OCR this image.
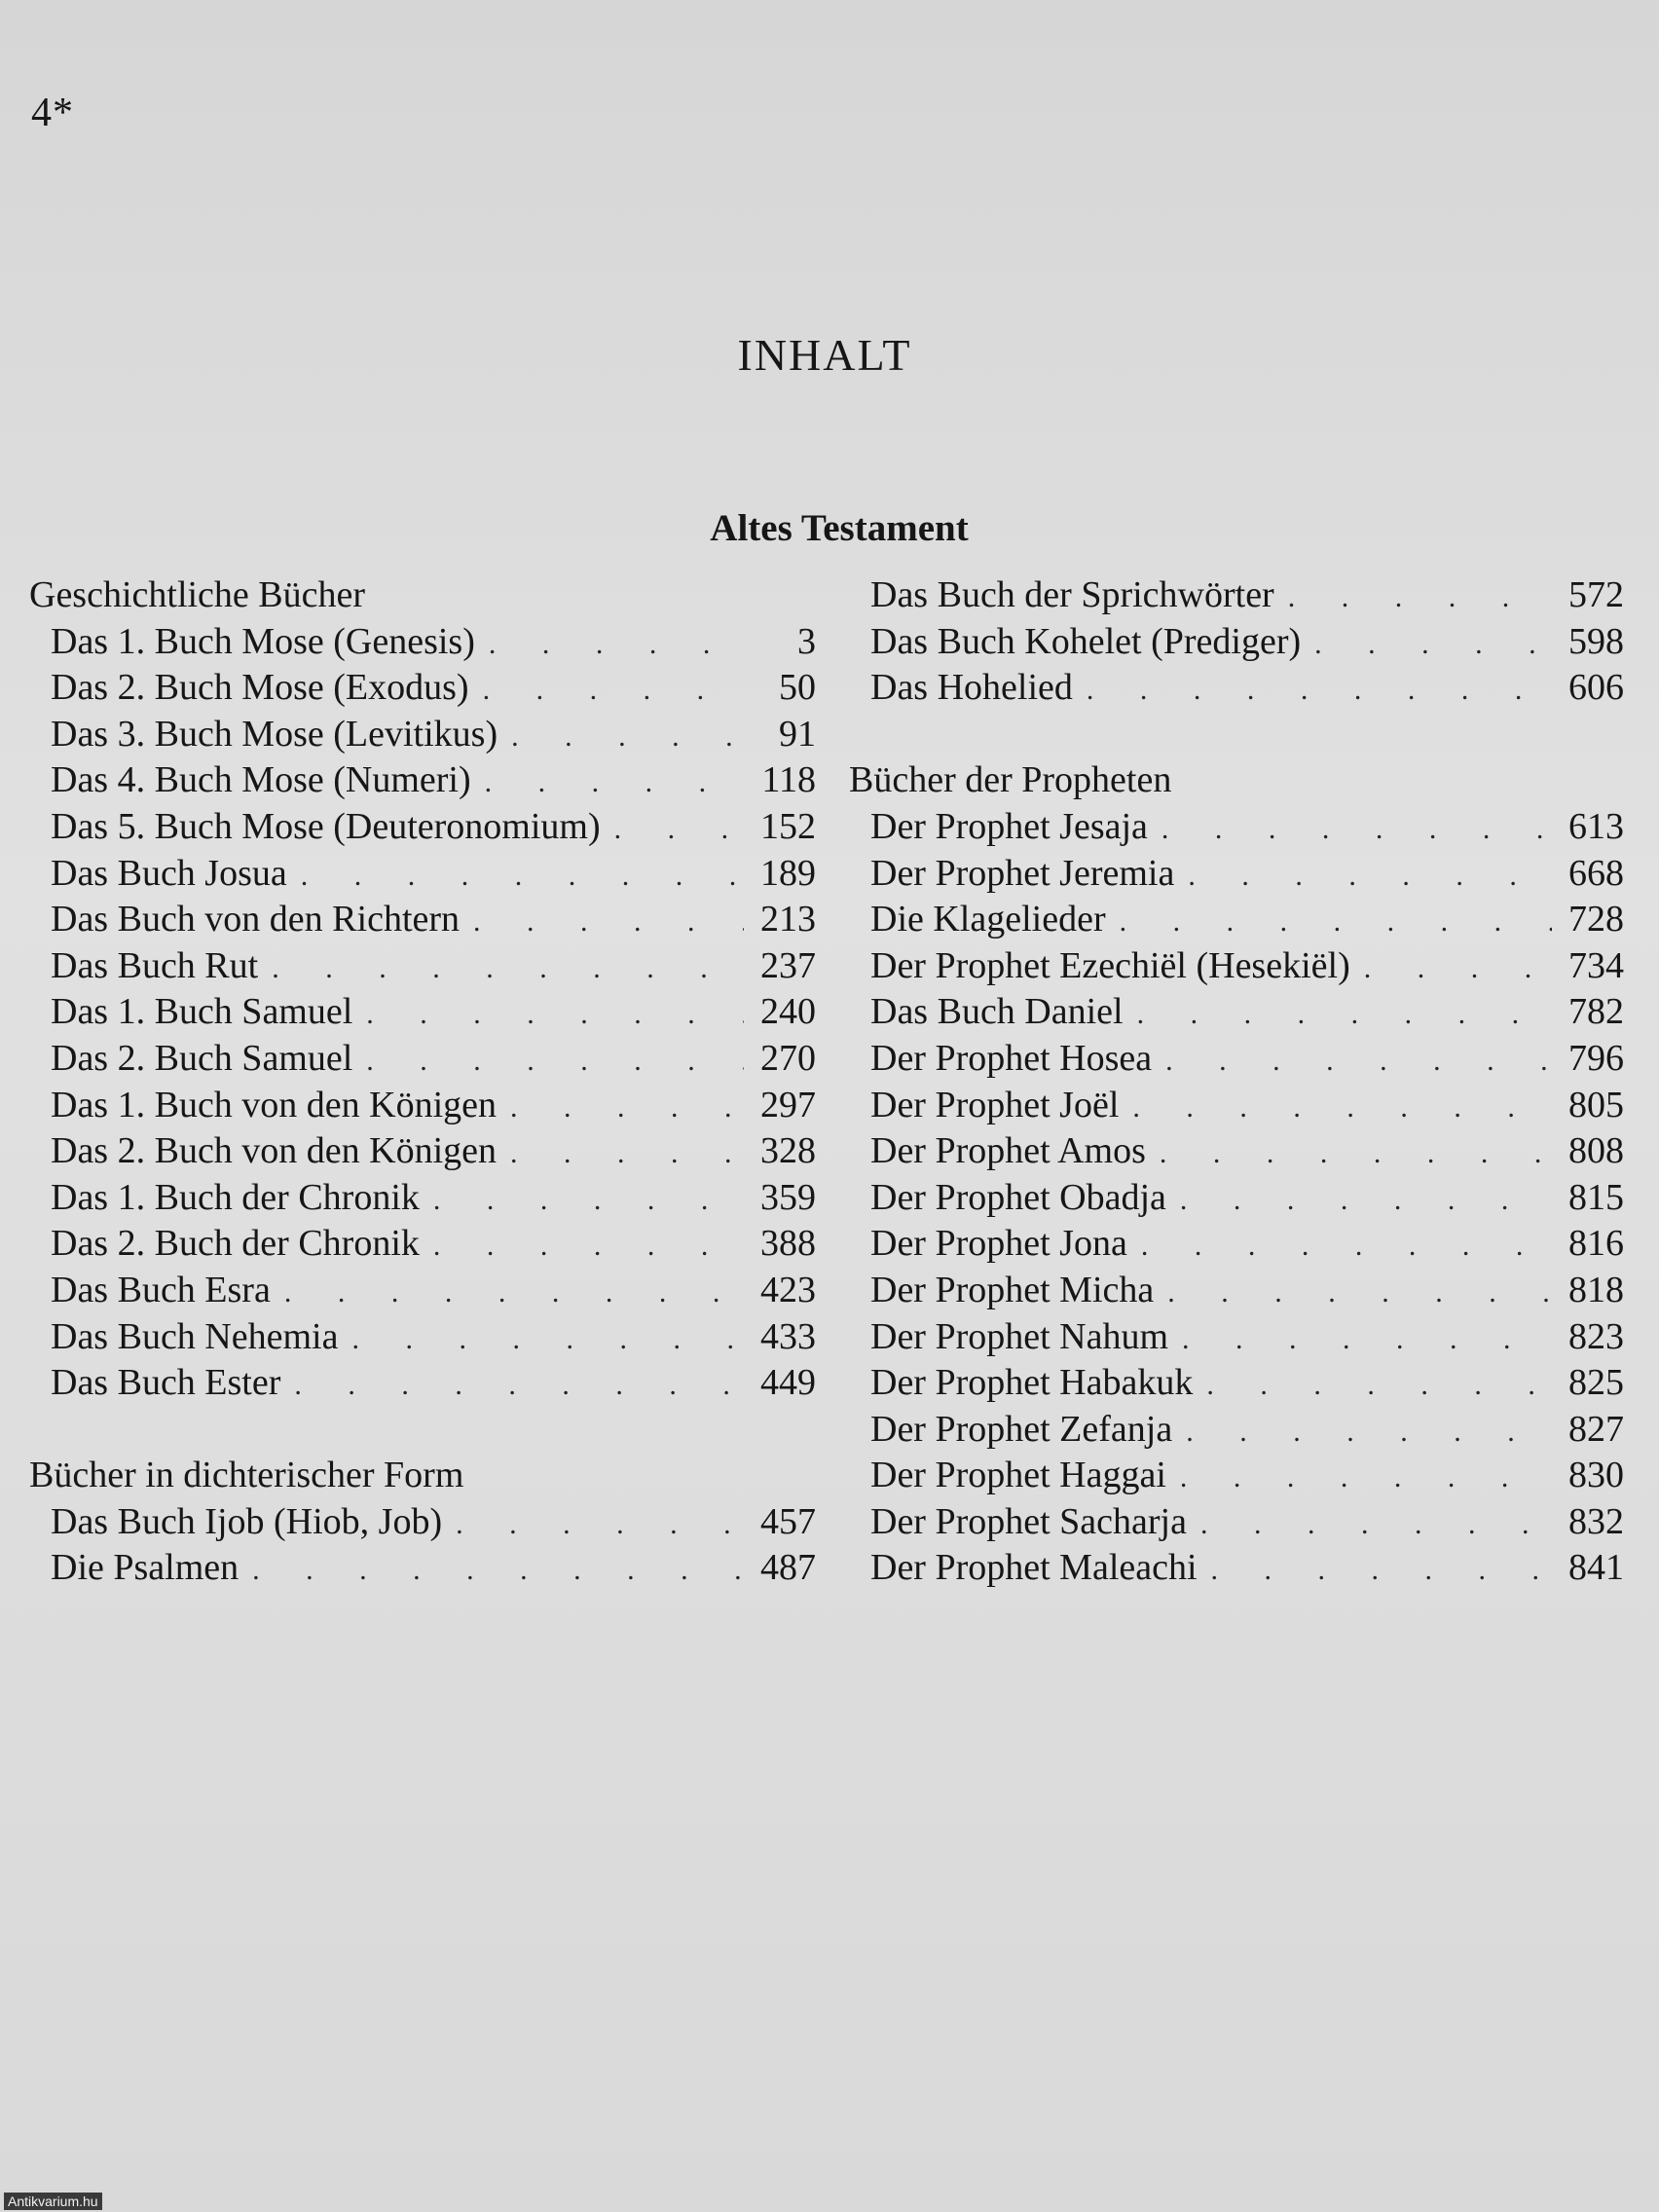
4*
INHALT
Altes Testament
Geschichtliche Bücher
Das 1. Buch Mose (Genesis) . . .	3
Das 2. Buch Mose (Exodus) . . .	50
Das 3. Buch Mose (Levitikus) . . .	91
Das 4. Buch Mose (Numeri) . . .	118
Das 5. Buch Mose (Deuteronomium) . . .	152
Das Buch Josua . . .	189
Das Buch von den Richtern . . .	213
Das Buch Rut . . .	237
Das 1. Buch Samuel . . .	240
Das 2. Buch Samuel . . .	270
Das 1. Buch von den Königen . . .	297
Das 2. Buch von den Königen . . .	328
Das 1. Buch der Chronik . . .	359
Das 2. Buch der Chronik . . .	388
Das Buch Esra . . .	423
Das Buch Nehemia . . .	433
Das Buch Ester . . .	449
Bücher in dichterischer Form
Das Buch Ijob (Hiob, Job) . . .	457
Die Psalmen . . .	487
Das Buch der Sprichwörter . . .	572
Das Buch Kohelet (Prediger) . . .	598
Das Hohelied . . .	606
Bücher der Propheten
Der Prophet Jesaja . . .	613
Der Prophet Jeremia . . .	668
Die Klagelieder . . .	728
Der Prophet Ezechiël (Hesekiël) . . .	734
Das Buch Daniel . . .	782
Der Prophet Hosea . . .	796
Der Prophet Joël . . .	805
Der Prophet Amos . . .	808
Der Prophet Obadja . . .	815
Der Prophet Jona . . .	816
Der Prophet Micha . . .	818
Der Prophet Nahum . . .	823
Der Prophet Habakuk . . .	825
Der Prophet Zefanja . . .	827
Der Prophet Haggai . . .	830
Der Prophet Sacharja . . .	832
Der Prophet Maleachi . . .	841
Antikvarium.hu
